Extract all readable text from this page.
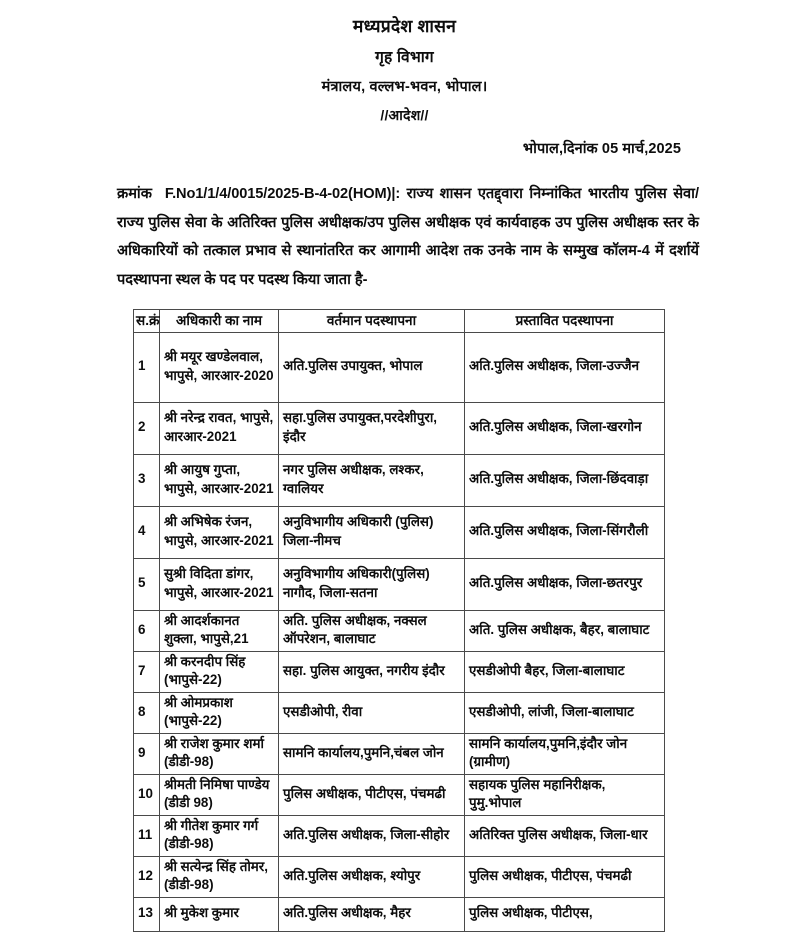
मध्यप्रदेश शासन
गृह विभाग
मंत्रालय, वल्लभ-भवन, भोपाल।
//आदेश//
भोपाल,दिनांक 05 मार्च,2025

क्रमांक F.No1/1/4/0015/2025-B-4-02(HOM)|: राज्य शासन एतद्द्वारा निम्नांकित भारतीय पुलिस सेवा/ राज्य पुलिस सेवा के अतिरिक्त पुलिस अधीक्षक/उप पुलिस अधीक्षक एवं कार्यवाहक उप पुलिस अधीक्षक स्तर के अधिकारियों को तत्काल प्रभाव से स्थानांतरित कर आगामी आदेश तक उनके नाम के सम्मुख कॉलम-4 में दर्शायें पदस्थापना स्थल के पद पर पदस्थ किया जाता है-

स.क्रं	अधिकारी का नाम	वर्तमान पदस्थापना	प्रस्तावित पदस्थापना
1	श्री मयूर खण्डेलवाल, भापुसे, आरआर-2020	अति.पुलिस उपायुक्त, भोपाल	अति.पुलिस अधीक्षक, जिला-उज्जैन
2	श्री नरेन्द्र रावत, भापुसे, आरआर-2021	सहा.पुलिस उपायुक्त,परदेशीपुरा, इंदौर	अति.पुलिस अधीक्षक, जिला-खरगोन
3	श्री आयुष गुप्ता, भापुसे, आरआर-2021	नगर पुलिस अधीक्षक, लश्कर, ग्वालियर	अति.पुलिस अधीक्षक, जिला-छिंदवाड़ा
4	श्री अभिषेक रंजन, भापुसे, आरआर-2021	अनुविभागीय अधिकारी (पुलिस) जिला-नीमच	अति.पुलिस अधीक्षक, जिला-सिंगरौली
5	सुश्री विदिता डांगर, भापुसे, आरआर-2021	अनुविभागीय अधिकारी(पुलिस) नागौद, जिला-सतना	अति.पुलिस अधीक्षक, जिला-छतरपुर
6	श्री आदर्शकानत शुक्ला, भापुसे,21	अति. पुलिस अधीक्षक, नक्सल ऑपरेशन, बालाघाट	अति. पुलिस अधीक्षक, बैहर, बालाघाट
7	श्री करनदीप सिंह (भापुसे-22)	सहा. पुलिस आयुक्त, नगरीय इंदौर	एसडीओपी बैहर, जिला-बालाघाट
8	श्री ओमप्रकाश (भापुसे-22)	एसडीओपी, रीवा	एसडीओपी, लांजी, जिला-बालाघाट
9	श्री राजेश कुमार शर्मा (डीडी-98)	सामनि कार्यालय,पुमनि,चंबल जोन	सामनि कार्यालय,पुमनि,इंदौर जोन (ग्रामीण)
10	श्रीमती निमिषा पाण्डेय (डीडी 98)	पुलिस अधीक्षक, पीटीएस, पंचमढी	सहायक पुलिस महानिरीक्षक, पुमु.भोपाल
11	श्री गीतेश कुमार गर्ग (डीडी-98)	अति.पुलिस अधीक्षक, जिला-सीहोर	अतिरिक्त पुलिस अधीक्षक, जिला-धार
12	श्री सत्येन्द्र सिंह तोमर,(डीडी-98)	अति.पुलिस अधीक्षक, श्योपुर	पुलिस अधीक्षक, पीटीएस, पंचमढी
13	श्री मुकेश कुमार	अति.पुलिस अधीक्षक, मैहर	पुलिस अधीक्षक, पीटीएस,
